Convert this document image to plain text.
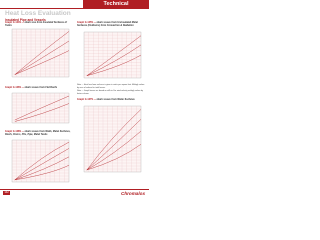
Technical
Heat Loss Evaluation
Insulated Pipe and Vessels
Graph G-124S — Heat Loss from Insulated Surfaces of Tanks
Graph G-126S — Heat Losses from Flat Roofs
Graph G-128S — Heat Losses from Walls, Metal Surfaces, Roofs, Floors, Pits, Pipe, Metal Tanks
Graph G-125S — Heat Losses from Uninsulated Metal Surfaces (Outdoors) from Convection & Radiation
Note — Heat loss from surfaces is given in watts per square foot. Multiply values by area of surface for total losses.
Note — Graph losses are based on still air. For wind velocity multiply values by factors shown.
Graph G-127S — Heat Losses from Water Surfaces
142	Chromalox
